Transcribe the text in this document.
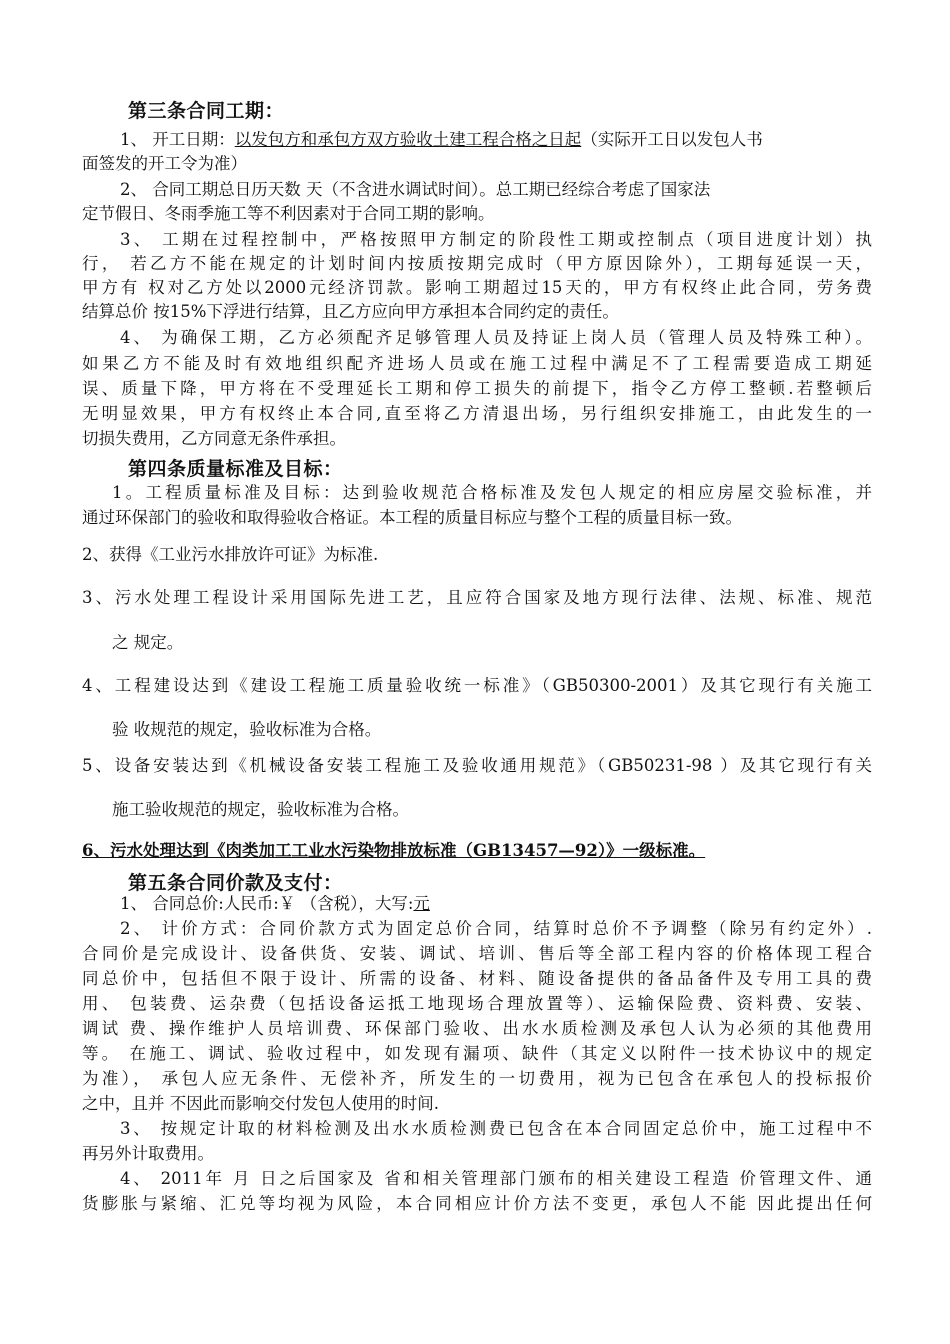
第三条合同工期：
1、 开工日期：以发包方和承包方双方验收土建工程合格之日起（实际开工日以发包人书
面签发的开工令为准）
2、 合同工期总日历天数 天（不含进水调试时间）。总工期已经综合考虑了国家法
定节假日、冬雨季施工等不利因素对于合同工期的影响。
3、 工期在过程控制中，严格按照甲方制定的阶段性工期或控制点（项目进度计划）执
行， 若乙方不能在规定的计划时间内按质按期完成时（甲方原因除外），工期每延误一天，
甲方有 权对乙方处以2000元经济罚款。影响工期超过15天的，甲方有权终止此合同，劳务费
结算总价 按15%下浮进行结算，且乙方应向甲方承担本合同约定的责任。
4、 为确保工期，乙方必须配齐足够管理人员及持证上岗人员（管理人员及特殊工种）。
如果乙方不能及时有效地组织配齐进场人员或在施工过程中满足不了工程需要造成工期延
误、质量下降，甲方将在不受理延长工期和停工损失的前提下，指令乙方停工整顿.若整顿后
无明显效果，甲方有权终止本合同,直至将乙方清退出场，另行组织安排施工，由此发生的一
切损失费用，乙方同意无条件承担。
第四条质量标准及目标：
1。工程质量标准及目标：达到验收规范合格标准及发包人规定的相应房屋交验标准，并
通过环保部门的验收和取得验收合格证。本工程的质量目标应与整个工程的质量目标一致。
2、获得《工业污水排放许可证》为标准.
3、污水处理工程设计采用国际先进工艺，且应符合国家及地方现行法律、法规、标准、规范
之 规定。
4、工程建设达到《建设工程施工质量验收统一标准》（GB50300-2001）及其它现行有关施工
验 收规范的规定，验收标准为合格。
5、设备安装达到《机械设备安装工程施工及验收通用规范》（GB50231-98 ）及其它现行有关
施工验收规范的规定，验收标准为合格。
6、污水处理达到《肉类加工工业水污染物排放标准（GB13457—92）》一级标准。
第五条合同价款及支付：
1、 合同总价:人民币:￥ （含税），大写:元
2、 计价方式：合同价款方式为固定总价合同，结算时总价不予调整（除另有约定外）.
合同价是完成设计、设备供货、安装、调试、培训、售后等全部工程内容的价格体现工程合
同总价中，包括但不限于设计、所需的设备、材料、随设备提供的备品备件及专用工具的费
用、 包装费、运杂费（包括设备运抵工地现场合理放置等）、运输保险费、资料费、安装、
调试 费、操作维护人员培训费、环保部门验收、出水水质检测及承包人认为必须的其他费用
等。 在施工、调试、验收过程中，如发现有漏项、缺件（其定义以附件一技术协议中的规定
为准）， 承包人应无条件、无偿补齐，所发生的一切费用，视为已包含在承包人的投标报价
之中，且并 不因此而影响交付发包人使用的时间.
3、 按规定计取的材料检测及出水水质检测费已包含在本合同固定总价中，施工过程中不
再另外计取费用。
4、 2011年 月 日之后国家及 省和相关管理部门颁布的相关建设工程造 价管理文件、通
货膨胀与紧缩、汇兑等均视为风险，本合同相应计价方法不变更，承包人不能 因此提出任何
